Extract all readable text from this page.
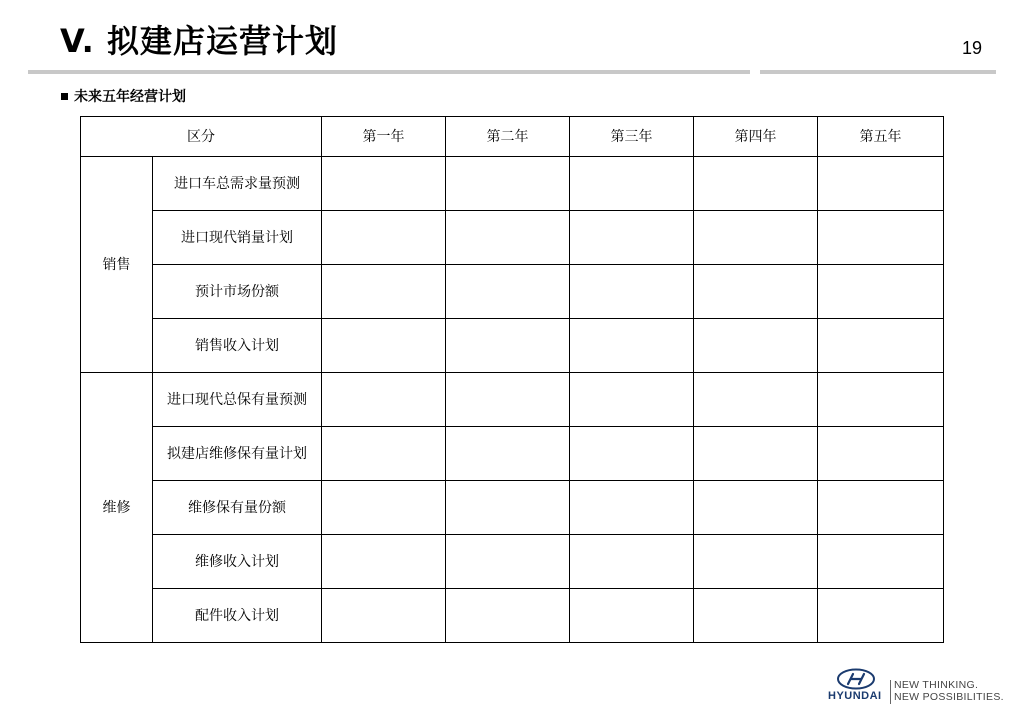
V. 拟建店运营计划	19
未来五年经营计划
区分		第一年	第二年	第三年	第四年	第五年
销售	进口车总需求量预测					
	进口现代销量计划					
	预计市场份额					
	销售收入计划					
维修	进口现代总保有量预测					
	拟建店维修保有量计划					
	维修保有量份额					
	维修收入计划					
	配件收入计划					
HYUNDAI
NEW THINKING.
NEW POSSIBILITIES.
